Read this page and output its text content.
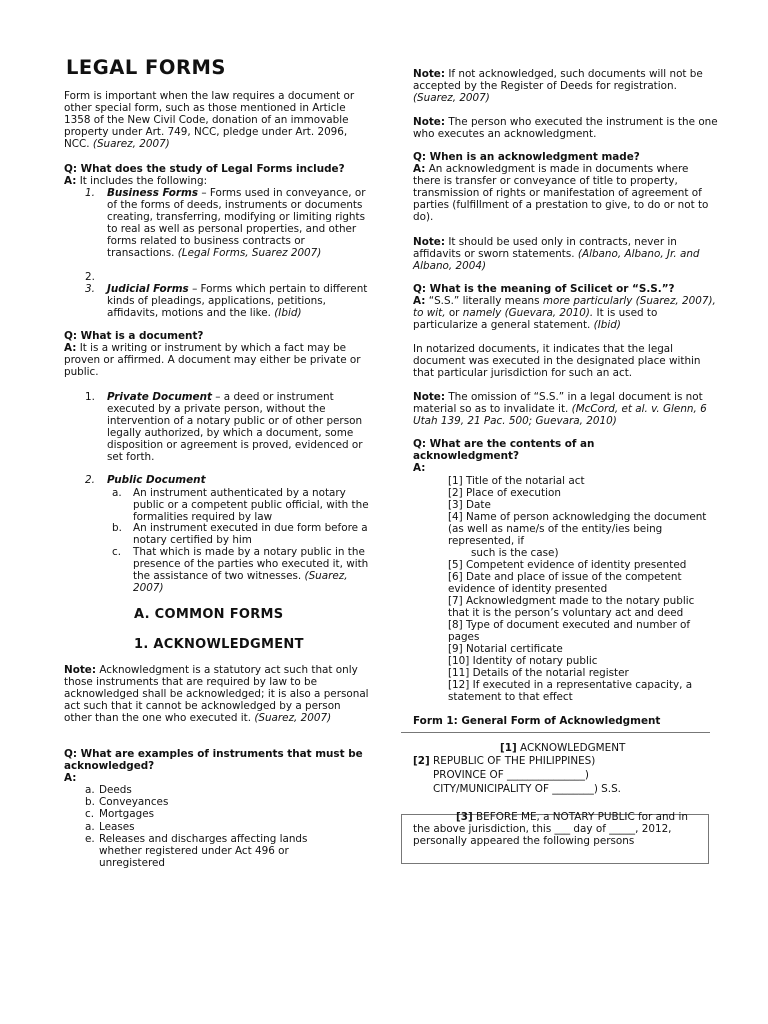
LEGAL FORMS

Form is important when the law requires a document or other special form, such as those mentioned in Article 1358 of the New Civil Code, donation of an immovable property under Art. 749, NCC, pledge under Art. 2096, NCC. (Suarez, 2007)

Q: What does the study of Legal Forms include?

A: It includes the following:

1. Business Forms – Forms used in conveyance, or of the forms of deeds, instruments or documents creating, transferring, modifying or limiting rights to real as well as personal properties, and other forms related to business contracts or transactions. (Legal Forms, Suarez 2007)

2.
3. Judicial Forms – Forms which pertain to different kinds of pleadings, applications, petitions, affidavits, motions and the like. (Ibid)

Q: What is a document?

A: It is a writing or instrument by which a fact may be proven or affirmed. A document may either be private or public.

1. Private Document – a deed or instrument executed by a private person, without the intervention of a notary public or of other person legally authorized, by which a document, some disposition or agreement is proved, evidenced or set forth.

2. Public Document

a. An instrument authenticated by a notary public or a competent public official, with the formalities required by law

b. An instrument executed in due form before a notary certified by him

c. That which is made by a notary public in the presence of the parties who executed it, with the assistance of two witnesses. (Suarez, 2007)

A. COMMON FORMS
1. ACKNOWLEDGMENT

Note: Acknowledgment is a statutory act such that only those instruments that are required by law to be acknowledged shall be acknowledged; it is also a personal act such that it cannot be acknowledged by a person other than the one who executed it. (Suarez, 2007)

Q: What are examples of instruments that must be acknowledged?

A:

a. Deeds

b. Conveyances

c. Mortgages

a. Leases

e. Releases and discharges affecting lands whether registered under Act 496 or unregistered

Note: If not acknowledged, such documents will not be accepted by the Register of Deeds for registration. (Suarez, 2007)

Note: The person who executed the instrument is the one who executes an acknowledgment.

Q: When is an acknowledgment made?

A: An acknowledgment is made in documents where there is transfer or conveyance of title to property, transmission of rights or manifestation of agreement of parties (fulfillment of a prestation to give, to do or not to do).

Note: It should be used only in contracts, never in affidavits or sworn statements. (Albano, Albano, Jr. and Albano, 2004)

Q: What is the meaning of Scilicet or “S.S.”?

A: “S.S.” literally means more particularly (Suarez, 2007), to wit, or namely (Guevara, 2010). It is used to particularize a general statement. (Ibid)

In notarized documents, it indicates that the legal document was executed in the designated place within that particular jurisdiction for such an act.

Note: The omission of “S.S.” in a legal document is not material so as to invalidate it. (McCord, et al. v. Glenn, 6 Utah 139, 21 Pac. 500; Guevara, 2010)

Q: What are the contents of an acknowledgment?

A:

[1] Title of the notarial act

[2] Place of execution

[3] Date

[4] Name of person acknowledging the document (as well as name/s of the entity/ies being represented, if

such is the case)

[5] Competent evidence of identity presented

[6] Date and place of issue of the competent evidence of identity presented

[7] Acknowledgment made to the notary public that it is the person’s voluntary act and deed

[8] Type of document executed and number of pages

[9] Notarial certificate

[10] Identity of notary public

[11] Details of the notarial register

[12] If executed in a representative capacity, a statement to that effect

Form 1: General Form of Acknowledgment

[1] ACKNOWLEDGMENT

[2] REPUBLIC OF THE PHILIPPINES)

PROVINCE OF _______________)

CITY/MUNICIPALITY OF ________) S.S.

[3] BEFORE ME, a NOTARY PUBLIC for and in the above jurisdiction, this ___ day of _____, 2012, personally appeared the following persons
